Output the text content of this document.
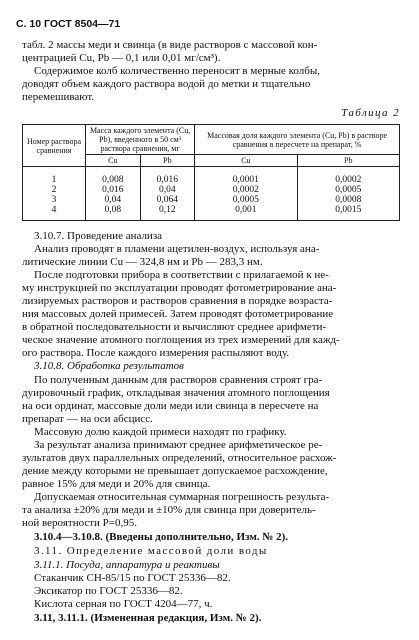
С. 10 ГОСТ 8504—71
табл. 2 массы меди и свинца (в виде растворов с массовой кон-
центрацией Cu, Pb — 0,1 или 0,01 мг/см³).
Содержимое колб количественно переносят в мерные колбы,
доводят объем каждого раствора водой до метки и тщательно
перемешивают.
Таблица 2
Номер раствора сравнения	Масса каждого элемента (Cu, Pb), введенного в 50 см³ раствора сравнения, мг		Массовая доля каждого элемента (Cu, Pb) в растворе сравнения в пересчете на препарат, %	
	Cu	Pb	Cu	Pb
1	0,008	0,016	0,0001	0,0002
2	0,016	0,04	0,0002	0,0005
3	0,04	0,064	0,0005	0,0008
4	0,08	0,12	0,001	0,0015
3.10.7. Проведение анализа
Анализ проводят в пламени ацетилен-воздух, используя ана-
литические линии Cu — 324,8 нм и Pb — 283,3 нм.
После подготовки прибора в соответствии с прилагаемой к не-
му инструкцией по эксплуатации проводят фотометрирование ана-
лизируемых растворов и растворов сравнения в порядке возраста-
ния массовых долей примесей. Затем проводят фотометрирование
в обратной последовательности и вычисляют среднее арифмети-
ческое значение атомного поглощения из трех измерений для кажд-
ого раствора. После каждого измерения распыляют воду.
3.10.8. Обработка результатов
По полученным данным для растворов сравнения строят гра-
дуировочный график, откладывая значения атомного поглощения
на оси ординат, массовые доли меди или свинца в пересчете на
препарат — на оси абсцисс.
Массовую долю каждой примеси находят по графику.
За результат анализа принимают среднее арифметическое ре-
зультатов двух параллельных определений, относительное расхож-
дение между которыми не превышает допускаемое расхождение,
равное 15% для меди и 20% для свинца.
Допускаемая относительная суммарная погрешность результа-
та анализа ±20% для меди и ±10% для свинца при доверитель-
ной вероятности P=0,95.
3.10.4—3.10.8. (Введены дополнительно, Изм. № 2).
3.11. Определение массовой доли воды
3.11.1. Посуда, аппаратура и реактивы
Стаканчик СН-85/15 по ГОСТ 25336—82.
Эксикатор по ГОСТ 25336—82.
Кислота серная по ГОСТ 4204—77, ч.
3.11, 3.11.1. (Измененная редакция, Изм. № 2).
